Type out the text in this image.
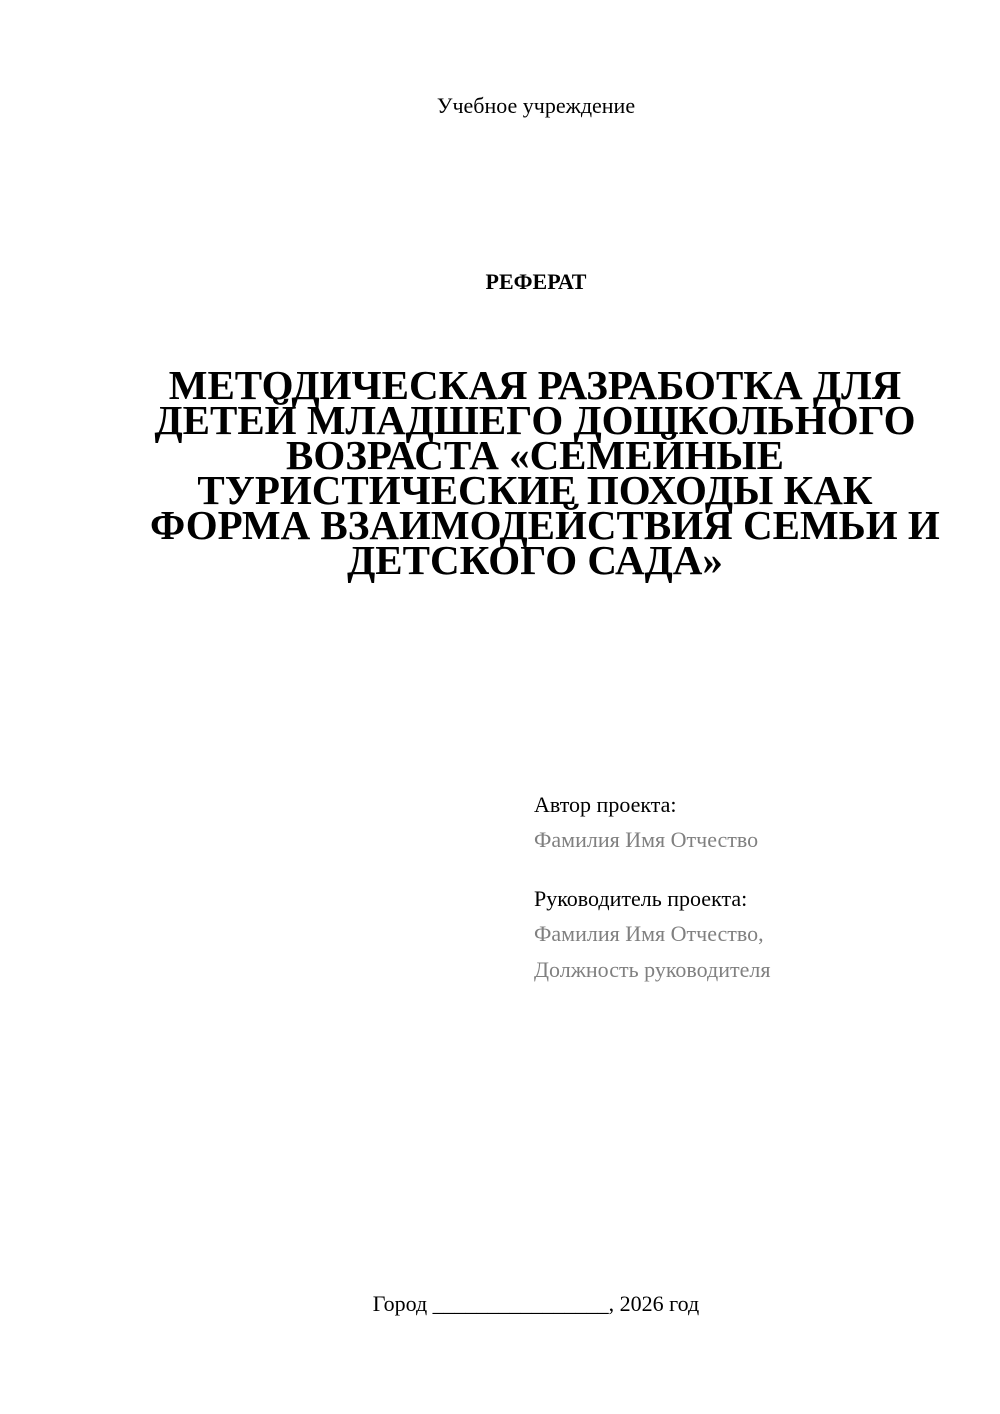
Учебное учреждение
РЕФЕРАТ
МЕТОДИЧЕСКАЯ РАЗРАБОТКА ДЛЯ
ДЕТЕЙ МЛАДШЕГО ДОШКОЛЬНОГО
ВОЗРАСТА «СЕМЕЙНЫЕ
ТУРИСТИЧЕСКИЕ ПОХОДЫ КАК
ФОРМА ВЗАИМОДЕЙСТВИЯ СЕМЬИ И
ДЕТСКОГО САДА»
Автор проекта:
Фамилия Имя Отчество
Руководитель проекта:
Фамилия Имя Отчество,
Должность руководителя
Город ________________, 2026 год
